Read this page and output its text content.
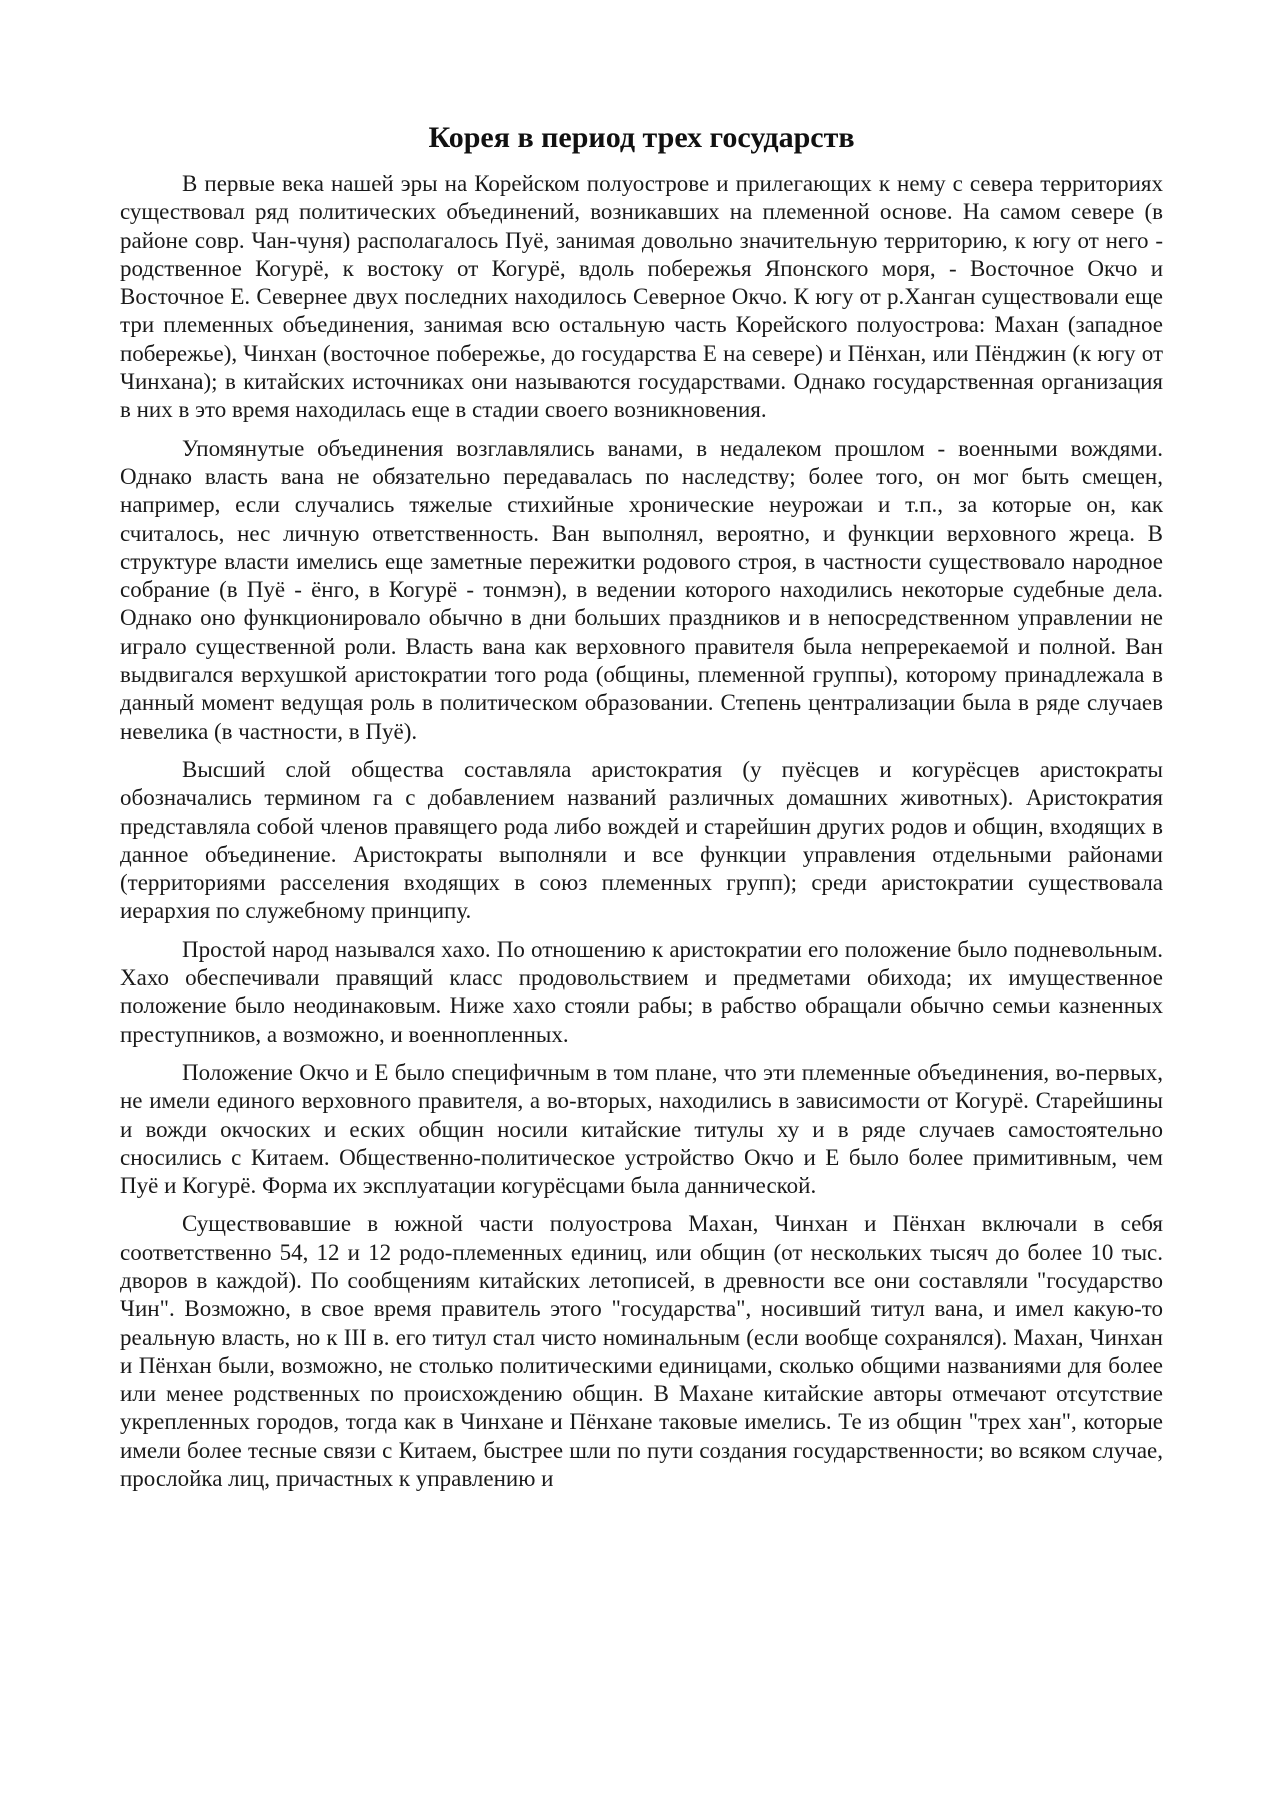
Корея в период трех государств

В первые века нашей эры на Корейском полуострове и прилегающих к нему с севера территориях существовал ряд политических объединений, возникавших на племенной основе. На самом севере (в районе совр. Чан-чуня) располагалось Пуё, занимая довольно значительную территорию, к югу от него - родственное Когурё, к востоку от Когурё, вдоль побережья Японского моря, - Восточное Окчо и Восточное Е. Севернее двух последних находилось Северное Окчо. К югу от р.Ханган существовали еще три племенных объединения, занимая всю остальную часть Корейского полуострова: Махан (западное побережье), Чинхан (восточное побережье, до государства Е на севере) и Пёнхан, или Пёнджин (к югу от Чинхана); в китайских источниках они называются государствами. Однако государственная организация в них в это время находилась еще в стадии своего возникновения.

Упомянутые объединения возглавлялись ванами, в недалеком прошлом - военными вождями. Однако власть вана не обязательно передавалась по наследству; более того, он мог быть смещен, например, если случались тяжелые стихийные хронические неурожаи и т.п., за которые он, как считалось, нес личную ответственность. Ван выполнял, вероятно, и функции верховного жреца. В структуре власти имелись еще заметные пережитки родового строя, в частности существовало народное собрание (в Пуё - ёнго, в Когурё - тонмэн), в ведении которого находились некоторые судебные дела. Однако оно функционировало обычно в дни больших праздников и в непосредственном управлении не играло существенной роли. Власть вана как верховного правителя была непререкаемой и полной. Ван выдвигался верхушкой аристократии того рода (общины, племенной группы), которому принадлежала в данный момент ведущая роль в политическом образовании. Степень централизации была в ряде случаев невелика (в частности, в Пуё).

Высший слой общества составляла аристократия (у пуёсцев и когурёсцев аристократы обозначались термином га с добавлением названий различных домашних животных). Аристократия представляла собой членов правящего рода либо вождей и старейшин других родов и общин, входящих в данное объединение. Аристократы выполняли и все функции управления отдельными районами (территориями расселения входящих в союз племенных групп); среди аристократии существовала иерархия по служебному принципу.

Простой народ назывался хахо. По отношению к аристократии его положение было подневольным. Хахо обеспечивали правящий класс продовольствием и предметами обихода; их имущественное положение было неодинаковым. Ниже хахо стояли рабы; в рабство обращали обычно семьи казненных преступников, а возможно, и военнопленных.

Положение Окчо и Е было специфичным в том плане, что эти племенные объединения, во-первых, не имели единого верховного правителя, а во-вторых, находились в зависимости от Когурё. Старейшины и вожди окчоских и еских общин носили китайские титулы ху и в ряде случаев самостоятельно сносились с Китаем. Общественно-политическое устройство Окчо и Е было более примитивным, чем Пуё и Когурё. Форма их эксплуатации когурёсцами была даннической.

Существовавшие в южной части полуострова Махан, Чинхан и Пёнхан включали в себя соответственно 54, 12 и 12 родо-племенных единиц, или общин (от нескольких тысяч до более 10 тыс. дворов в каждой). По сообщениям китайских летописей, в древности все они составляли "государство Чин". Возможно, в свое время правитель этого "государства", носивший титул вана, и имел какую-то реальную власть, но к III в. его титул стал чисто номинальным (если вообще сохранялся). Махан, Чинхан и Пёнхан были, возможно, не столько политическими единицами, сколько общими названиями для более или менее родственных по происхождению общин. В Махане китайские авторы отмечают отсутствие укрепленных городов, тогда как в Чинхане и Пёнхане таковые имелись. Те из общин "трех хан", которые имели более тесные связи с Китаем, быстрее шли по пути создания государственности; во всяком случае, прослойка лиц, причастных к управлению и
